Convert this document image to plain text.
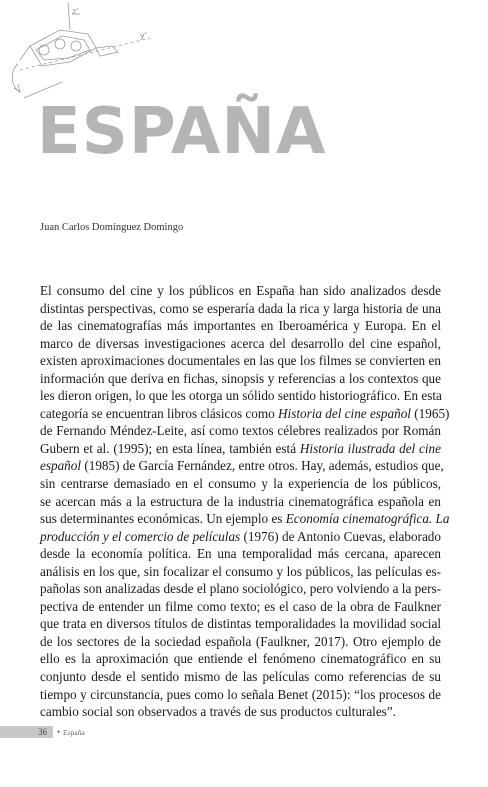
z'
y'
ESPAÑA
Juan Carlos Domínguez Domingo
El consumo del cine y los públicos en España han sido analizados desde
distintas perspectivas, como se esperaría dada la rica y larga historia de una
de las cinematografías más importantes en Iberoamérica y Europa. En el
marco de diversas investigaciones acerca del desarrollo del cine español,
existen aproximaciones documentales en las que los filmes se convierten en
información que deriva en fichas, sinopsis y referencias a los contextos que
les dieron origen, lo que les otorga un sólido sentido historiográfico. En esta
categoría se encuentran libros clásicos como Historia del cine español (1965)
de Fernando Méndez-Leite, así como textos célebres realizados por Román
Gubern et al. (1995); en esta línea, también está Historia ilustrada del cine
español (1985) de García Fernández, entre otros. Hay, además, estudios que,
sin centrarse demasiado en el consumo y la experiencia de los públicos,
se acercan más a la estructura de la industria cinematográfica española en
sus determinantes económicas. Un ejemplo es Economía cinematográfica. La
producción y el comercio de películas (1976) de Antonio Cuevas, elaborado
desde la economía política. En una temporalidad más cercana, aparecen
análisis en los que, sin focalizar el consumo y los públicos, las películas es-
pañolas son analizadas desde el plano sociológico, pero volviendo a la pers-
pectiva de entender un filme como texto; es el caso de la obra de Faulkner
que trata en diversos títulos de distintas temporalidades la movilidad social
de los sectores de la sociedad española (Faulkner, 2017). Otro ejemplo de
ello es la aproximación que entiende el fenómeno cinematográfico en su
conjunto desde el sentido mismo de las películas como referencias de su
tiempo y circunstancia, pues como lo señala Benet (2015): “los procesos de
cambio social son observados a través de sus productos culturales”.
36 • España
